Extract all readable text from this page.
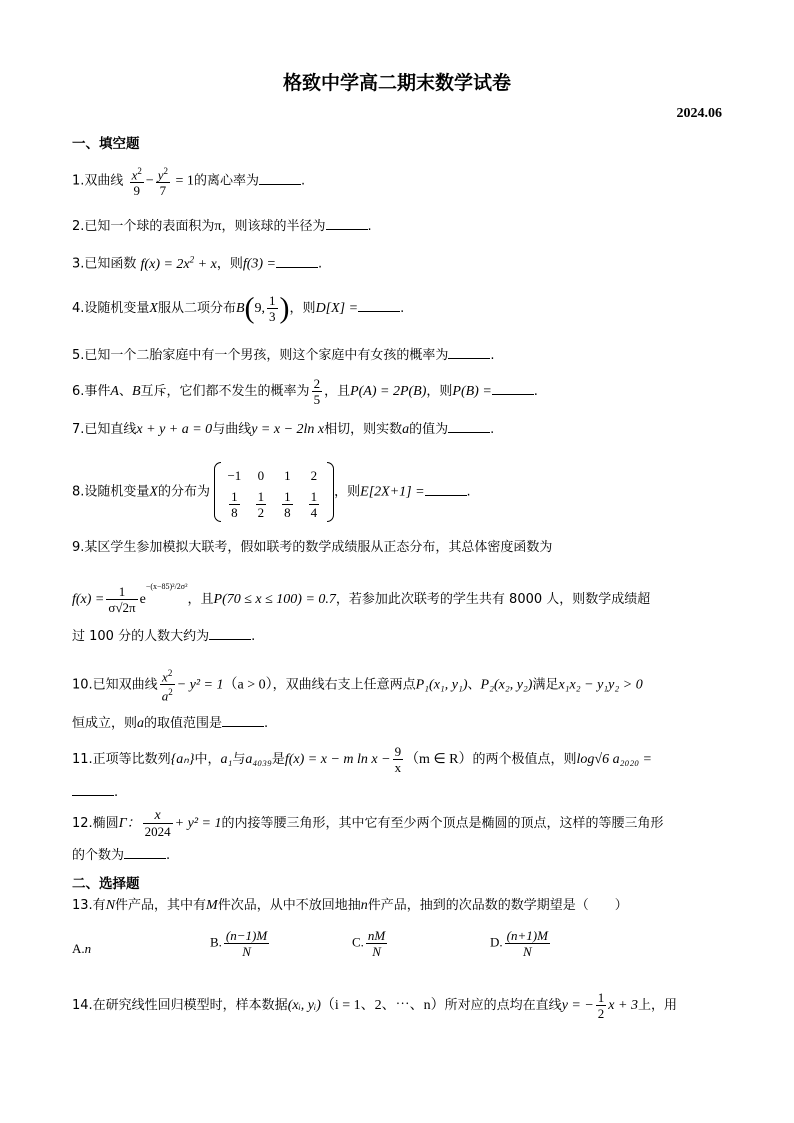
格致中学高二期末数学试卷
2024.06
一、填空题
1.双曲线 $\frac{x^2}{9} - \frac{y^2}{7} = 1$的离心率为	.
2.已知一个球的表面积为π，则该球的半径为	.
3.已知函数 $f(x) = 2x^2 + x$，则f(3) =	.
4.设随机变量X服从二项分布B(9, $\frac{1}{3}$ )，则D[X] =	.
5.已知一个二胎家庭中有一个男孩，则这个家庭中有女孩的概率为	.
6.事件A、B互斥，它们都不发生的概率为 $\frac{2}{5}$ ，且P(A) = 2P(B)，则P(B) =	.
7.已知直线x + y + a = 0与曲线y = x − 2ln x相切，则实数a的值为	.
8.设随机变量X的分布为
−1	0	1	2

$\frac{1}{8}$	$\frac{1}{2}$	$\frac{1}{8}$	$\frac{1}{4}$ ，则E[2X+1] =	.
9.某区学生参加模拟大联考，假如联考的数学成绩服从正态分布，其总体密度函数为
$f(x) = \frac{1}{\sigma√2\pi} e^{-(x-85)^2/2\sigma^2}$，且P(70 ≤ x ≤ 100) = 0.7，若参加此次联考的学生共有 8000 人，则数学成绩超
过 100 分的人数大约为	.
10.已知双曲线 $\frac{x^2}{a^2} - y^2 = 1(a > 0)$，双曲线右支上任意两点P₁(x₁, y₁)、P₂(x₂, y₂)满足x₁x₂ − y₁y₂ > 0
恒成立，则a的取值范围是	.
11.正项等比数列{aₙ}中，a₁与a₄₀₃₉是f(x) = x − m $\ln x - \frac{9}{x} (m$ ∈ R）的两个极值点，则log√6 a₂₀₂₀ =
.
12.椭圆Γ： $\frac{x}{2024} + y^2 = 1$的内接等腰三角形，其中它有至少两个顶点是椭圆的顶点，这样的等腰三角形
的个数为	.
二、选择题
13.有N件产品，其中有M件次品，从中不放回地抽n件产品，抽到的次品数的数学期望是（　　）
A.n	B. $\frac{(n-1)M}{N}$	C. $\frac{nM}{N}$	D. $\frac{(n+1)M}{N}$
14.在研究线性回归模型时，样本数据(xᵢ, yᵢ)（i = 1、2、⋯、n）所对应的点均在直线y = − $\frac{1}{2}$ x + 3上，用
